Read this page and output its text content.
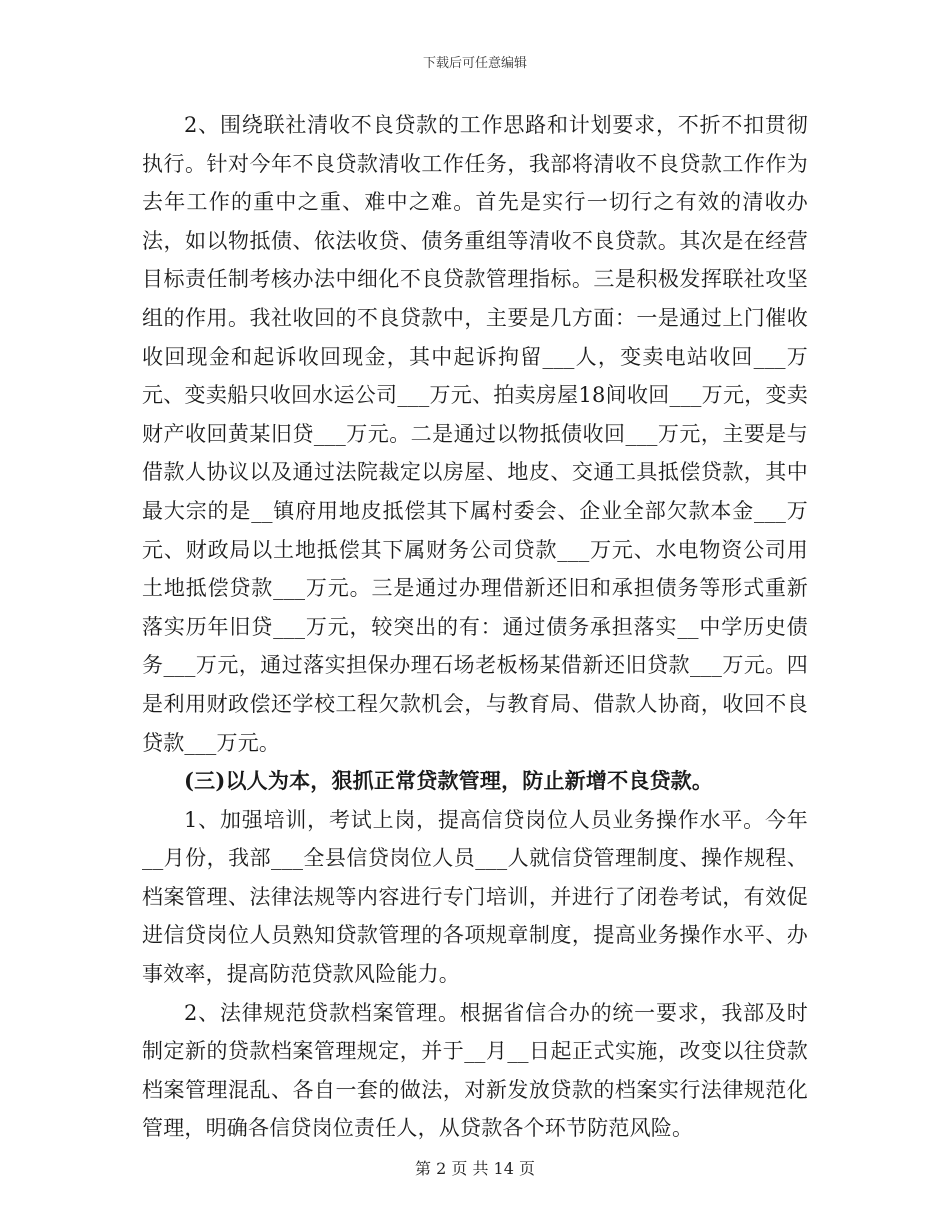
下载后可任意编辑

2、围绕联社清收不良贷款的工作思路和计划要求，不折不扣贯彻执行。针对今年不良贷款清收工作任务，我部将清收不良贷款工作作为去年工作的重中之重、难中之难。首先是实行一切行之有效的清收办法，如以物抵债、依法收贷、债务重组等清收不良贷款。其次是在经营目标责任制考核办法中细化不良贷款管理指标。三是积极发挥联社攻坚组的作用。我社收回的不良贷款中，主要是几方面：一是通过上门催收收回现金和起诉收回现金，其中起诉拘留___人，变卖电站收回___万元、变卖船只收回水运公司___万元、拍卖房屋18间收回___万元，变卖财产收回黄某旧贷___万元。二是通过以物抵债收回___万元，主要是与借款人协议以及通过法院裁定以房屋、地皮、交通工具抵偿贷款，其中最大宗的是__镇府用地皮抵偿其下属村委会、企业全部欠款本金___万元、财政局以土地抵偿其下属财务公司贷款___万元、水电物资公司用土地抵偿贷款___万元。三是通过办理借新还旧和承担债务等形式重新落实历年旧贷___万元，较突出的有：通过债务承担落实__中学历史债务___万元，通过落实担保办理石场老板杨某借新还旧贷款___万元。四是利用财政偿还学校工程欠款机会，与教育局、借款人协商，收回不良贷款___万元。

(三)以人为本，狠抓正常贷款管理，防止新增不良贷款。

1、加强培训，考试上岗，提高信贷岗位人员业务操作水平。今年__月份，我部___全县信贷岗位人员___人就信贷管理制度、操作规程、档案管理、法律法规等内容进行专门培训，并进行了闭卷考试，有效促进信贷岗位人员熟知贷款管理的各项规章制度，提高业务操作水平、办事效率，提高防范贷款风险能力。

2、法律规范贷款档案管理。根据省信合办的统一要求，我部及时制定新的贷款档案管理规定，并于__月__日起正式实施，改变以往贷款档案管理混乱、各自一套的做法，对新发放贷款的档案实行法律规范化管理，明确各信贷岗位责任人，从贷款各个环节防范风险。

第 2 页 共 14 页
